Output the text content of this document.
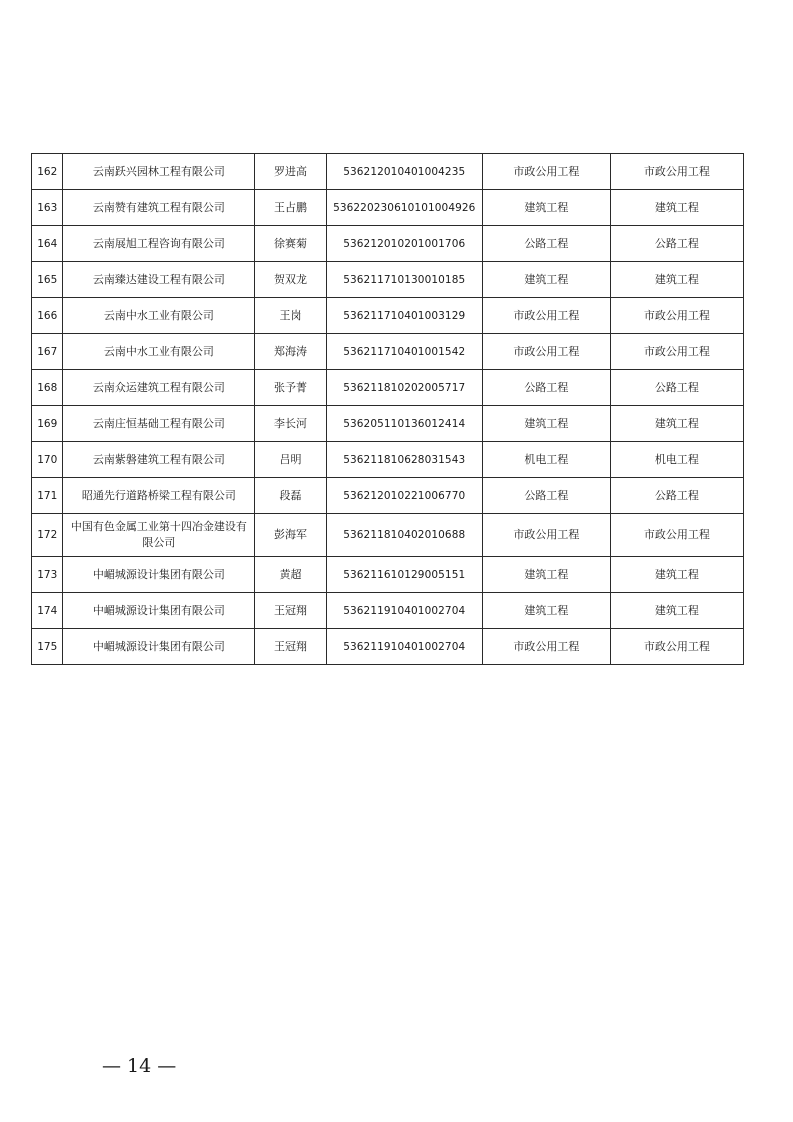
162	云南跃兴园林工程有限公司	罗进高	536212010401004235	市政公用工程	市政公用工程
163	云南赞有建筑工程有限公司	王占鹏	53622023061010​1004926	建筑工程	建筑工程
164	云南展旭工程咨询有限公司	徐赛菊	536212010201001706	公路工程	公路工程
165	云南臻达建设工程有限公司	贺双龙	536211710130010185	建筑工程	建筑工程
166	云南中水工业有限公司	王岗	536211710401003129	市政公用工程	市政公用工程
167	云南中水工业有限公司	郑海涛	536211710401001542	市政公用工程	市政公用工程
168	云南众运建筑工程有限公司	张予菁	536211810202005717	公路工程	公路工程
169	云南庄恒基础工程有限公司	李长河	536205110136012414	建筑工程	建筑工程
170	云南紫磐建筑工程有限公司	吕明	536211810628031543	机电工程	机电工程
171	昭通先行道路桥梁工程有限公司	段磊	536212010221006770	公路工程	公路工程
172	中国有色金属工业第十四冶金建设有限公司	彭海军	536211810402010688	市政公用工程	市政公用工程
173	中嵋城源设计集团有限公司	黄超	536211610129005151	建筑工程	建筑工程
174	中嵋城源设计集团有限公司	王冠翔	536211910401002704	建筑工程	建筑工程
175	中嵋城源设计集团有限公司	王冠翔	536211910401002704	市政公用工程	市政公用工程
— 14 —
